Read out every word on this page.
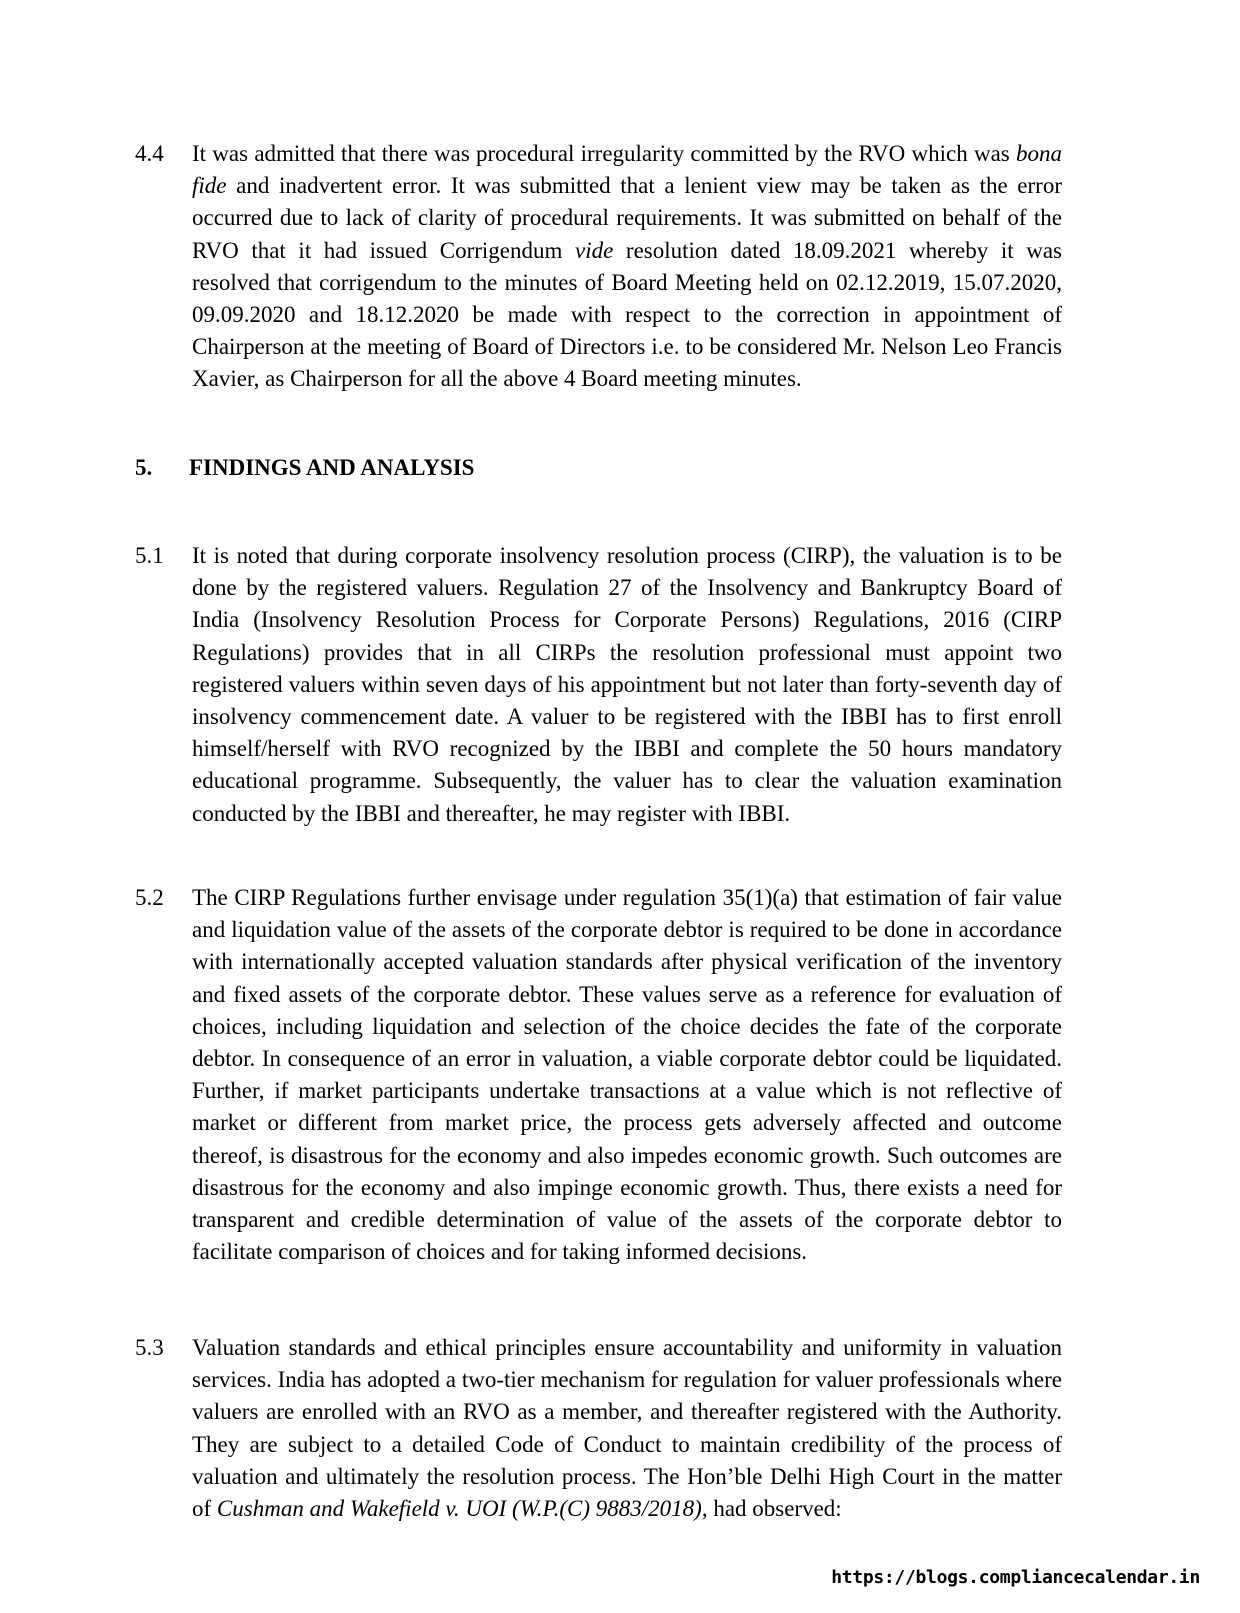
4.4 It was admitted that there was procedural irregularity committed by the RVO which was bona fide and inadvertent error. It was submitted that a lenient view may be taken as the error occurred due to lack of clarity of procedural requirements. It was submitted on behalf of the RVO that it had issued Corrigendum vide resolution dated 18.09.2021 whereby it was resolved that corrigendum to the minutes of Board Meeting held on 02.12.2019, 15.07.2020, 09.09.2020 and 18.12.2020 be made with respect to the correction in appointment of Chairperson at the meeting of Board of Directors i.e. to be considered Mr. Nelson Leo Francis Xavier, as Chairperson for all the above 4 Board meeting minutes.
5. FINDINGS AND ANALYSIS
5.1 It is noted that during corporate insolvency resolution process (CIRP), the valuation is to be done by the registered valuers. Regulation 27 of the Insolvency and Bankruptcy Board of India (Insolvency Resolution Process for Corporate Persons) Regulations, 2016 (CIRP Regulations) provides that in all CIRPs the resolution professional must appoint two registered valuers within seven days of his appointment but not later than forty-seventh day of insolvency commencement date. A valuer to be registered with the IBBI has to first enroll himself/herself with RVO recognized by the IBBI and complete the 50 hours mandatory educational programme. Subsequently, the valuer has to clear the valuation examination conducted by the IBBI and thereafter, he may register with IBBI.
5.2 The CIRP Regulations further envisage under regulation 35(1)(a) that estimation of fair value and liquidation value of the assets of the corporate debtor is required to be done in accordance with internationally accepted valuation standards after physical verification of the inventory and fixed assets of the corporate debtor. These values serve as a reference for evaluation of choices, including liquidation and selection of the choice decides the fate of the corporate debtor. In consequence of an error in valuation, a viable corporate debtor could be liquidated. Further, if market participants undertake transactions at a value which is not reflective of market or different from market price, the process gets adversely affected and outcome thereof, is disastrous for the economy and also impedes economic growth. Such outcomes are disastrous for the economy and also impinge economic growth. Thus, there exists a need for transparent and credible determination of value of the assets of the corporate debtor to facilitate comparison of choices and for taking informed decisions.
5.3 Valuation standards and ethical principles ensure accountability and uniformity in valuation services. India has adopted a two-tier mechanism for regulation for valuer professionals where valuers are enrolled with an RVO as a member, and thereafter registered with the Authority. They are subject to a detailed Code of Conduct to maintain credibility of the process of valuation and ultimately the resolution process. The Hon’ble Delhi High Court in the matter of Cushman and Wakefield v. UOI (W.P.(C) 9883/2018), had observed:
https://blogs.compliancecalendar.in
